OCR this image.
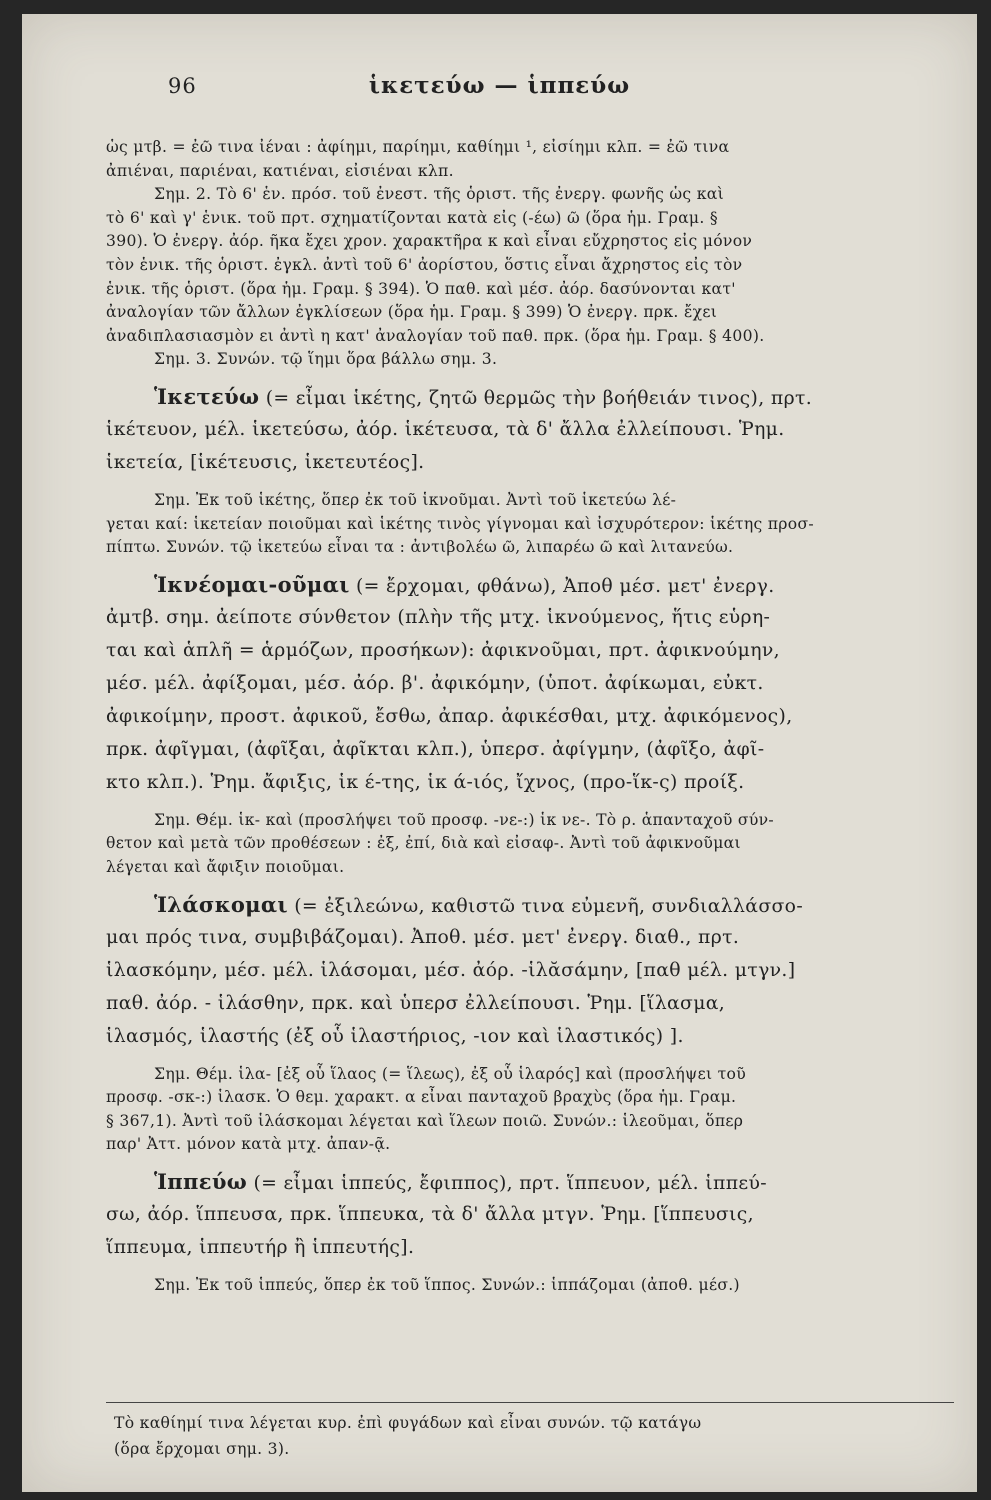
96	ἱκετεύω — ἱππεύω
ὡς μτβ. = ἐῶ τινα ἰέναι : ἀφίημι, παρίημι, καθίημι ¹, εἰσίημι κλπ. = ἐῶ τινα
ἀπιέναι, παριέναι, κατιέναι, εἰσιέναι κλπ.
Σημ. 2. Τὸ 6' ἑν. πρόσ. τοῦ ἐνεστ. τῆς ὁριστ. τῆς ἐνεργ. φωνῆς ὡς καὶ
τὸ 6' καὶ γ' ἑνικ. τοῦ πρτ. σχηματίζονται κατὰ εἰς (-έω) ῶ (ὅρα ἡμ. Γραμ. §
390). Ὁ ἐνεργ. ἀόρ. ῆκα ἔχει χρον. χαρακτῆρα κ καὶ εἶναι εὔχρηστος εἰς μόνον
τὸν ἑνικ. τῆς ὁριστ. ἐγκλ. ἀντὶ τοῦ 6' ἀορίστου, ὅστις εἶναι ἄχρηστος εἰς τὸν
ἑνικ. τῆς ὁριστ. (ὅρα ἡμ. Γραμ. § 394). Ὁ παθ. καὶ μέσ. ἀόρ. δασύνονται κατ'
ἀναλογίαν τῶν ἄλλων ἐγκλίσεων (ὅρα ἡμ. Γραμ. § 399) Ὁ ἐνεργ. πρκ. ἔχει
ἀναδιπλασιασμὸν ει ἀντὶ η κατ' ἀναλογίαν τοῦ παθ. πρκ. (ὅρα ἡμ. Γραμ. § 400).
Σημ. 3. Συνών. τῷ ἵημι ὅρα βάλλω σημ. 3.
Ἱκετεύω (= εἶμαι ἱκέτης, ζητῶ θερμῶς τὴν βοήθειάν τινος), πρτ.
ἱκέτευον, μέλ. ἱκετεύσω, ἀόρ. ἱκέτευσα, τὰ δ' ἄλλα ἐλλείπουσι. Ῥημ.
ἱκετεία, [ἱκέτευσις, ἱκετευτέος].
Σημ. Ἐκ τοῦ ἱκέτης, ὅπερ ἐκ τοῦ ἱκνοῦμαι. Ἀντὶ τοῦ ἱκετεύω λέ-
γεται καί: ἱκετείαν ποιοῦμαι καὶ ἱκέτης τινὸς γίγνομαι καὶ ἰσχυρότερον: ἱκέτης προσ-
πίπτω. Συνών. τῷ ἱκετεύω εἶναι τα : ἀντιβολέω ῶ, λιπαρέω ῶ καὶ λιτανεύω.
Ἱκνέομαι-οῦμαι (= ἔρχομαι, φθάνω), Ἀποθ μέσ. μετ' ἐνεργ.
ἀμτβ. σημ. ἀείποτε σύνθετον (πλὴν τῆς μτχ. ἱκνούμενος, ἥτις εὑρη-
ται καὶ ἁπλῆ = ἁρμόζων, προσήκων): ἀφικνοῦμαι, πρτ. ἀφικνούμην,
μέσ. μέλ. ἀφίξομαι, μέσ. ἀόρ. β'. ἀφικόμην, (ὑποτ. ἀφίκωμαι, εὐκτ.
ἀφικοίμην, προστ. ἀφικοῦ, ἔσθω, ἀπαρ. ἀφικέσθαι, μτχ. ἀφικόμενος),
πρκ. ἀφῖγμαι, (ἀφῖξαι, ἀφῖκται κλπ.), ὑπερσ. ἀφίγμην, (ἀφῖξο, ἀφῖ-
κτο κλπ.). Ῥημ. ἄφιξις, ἱκ έ-της, ἱκ ά-ιός, ἴχνος, (προ-ἵκ-ς) προίξ.
Σημ. Θέμ. ἱκ- καὶ (προσλήψει τοῦ προσφ. -νε-:) ἱκ νε-. Τὸ ρ. ἁπανταχοῦ σύν-
θετον καὶ μετὰ τῶν προθέσεων : ἐξ, ἐπί, διὰ καὶ εἰσαφ-. Ἀντὶ τοῦ ἀφικνοῦμαι
λέγεται καὶ ἄφιξιν ποιοῦμαι.
Ἱλάσκομαι (= ἐξιλεώνω, καθιστῶ τινα εὐμενῆ, συνδιαλλάσσο-
μαι πρός τινα, συμβιβάζομαι). Ἀποθ. μέσ. μετ' ἐνεργ. διαθ., πρτ.
ἱλασκόμην, μέσ. μέλ. ἱλάσομαι, μέσ. ἀόρ. -ἱλᾰσάμην, [παθ μέλ. μτγν.]
παθ. ἀόρ. - ἱλάσθην, πρκ. καὶ ὑπερσ ἐλλείπουσι. Ῥημ. [ἵλασμα,
ἱλασμός, ἱλαστής (ἐξ οὗ ἱλαστήριος, -ιον καὶ ἱλαστικός) ].
Σημ. Θέμ. ἱλα- [ἐξ οὗ ἵλαος (= ἵλεως), ἐξ οὗ ἱλαρός] καὶ (προσλήψει τοῦ
προσφ. -σκ-:) ἱλασκ. Ὁ θεμ. χαρακτ. α εἶναι πανταχοῦ βραχὺς (ὅρα ἡμ. Γραμ.
§ 367,1). Ἀντὶ τοῦ ἱλάσκομαι λέγεται καὶ ἵλεων ποιῶ. Συνών.: ἱλεοῦμαι, ὅπερ
παρ' Ἀττ. μόνον κατὰ μτχ. ἀπαν-ᾷ.
Ἱππεύω (= εἶμαι ἱππεύς, ἔφιππος), πρτ. ἵππευον, μέλ. ἱππεύ-
σω, ἀόρ. ἵππευσα, πρκ. ἵππευκα, τὰ δ' ἄλλα μτγν. Ῥημ. [ἵππευσις,
ἵππευμα, ἱππευτήρ ἢ ἱππευτής].
Σημ. Ἐκ τοῦ ἱππεύς, ὅπερ ἐκ τοῦ ἵππος. Συνών.: ἱππάζομαι (ἀποθ. μέσ.)
Τὸ καθίημί τινα λέγεται κυρ. ἐπὶ φυγάδων καὶ εἶναι συνών. τῷ κατάγω
(ὅρα ἔρχομαι σημ. 3).
